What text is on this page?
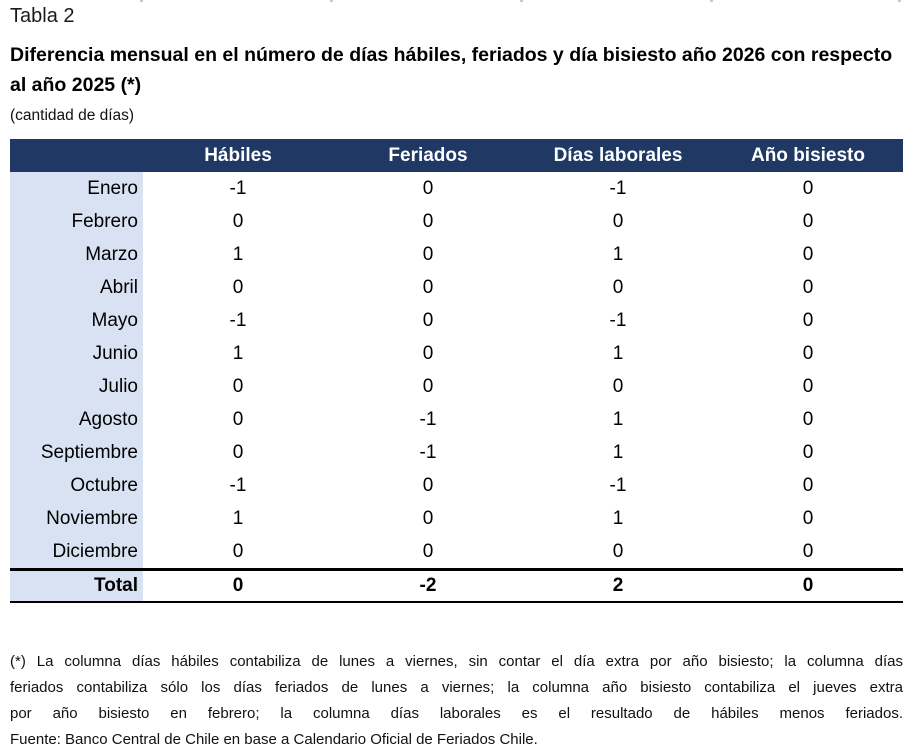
Tabla 2
Diferencia mensual en el número de días hábiles, feriados y día bisiesto año 2026 con respecto
al año 2025 (*)
(cantidad de días)
	Hábiles	Feriados	Días laborales	Año bisiesto
Enero	-1	0	-1	0
Febrero	0	0	0	0
Marzo	1	0	1	0
Abril	0	0	0	0
Mayo	-1	0	-1	0
Junio	1	0	1	0
Julio	0	0	0	0
Agosto	0	-1	1	0
Septiembre	0	-1	1	0
Octubre	-1	0	-1	0
Noviembre	1	0	1	0
Diciembre	0	0	0	0
Total	0	-2	2	0
(*) La columna días hábiles contabiliza de lunes a viernes, sin contar el día extra por año bisiesto; la columna días
feriados contabiliza sólo los días feriados de lunes a viernes; la columna año bisiesto contabiliza el jueves extra
por año bisiesto en febrero; la columna días laborales es el resultado de hábiles menos feriados.
Fuente: Banco Central de Chile en base a Calendario Oficial de Feriados Chile.
